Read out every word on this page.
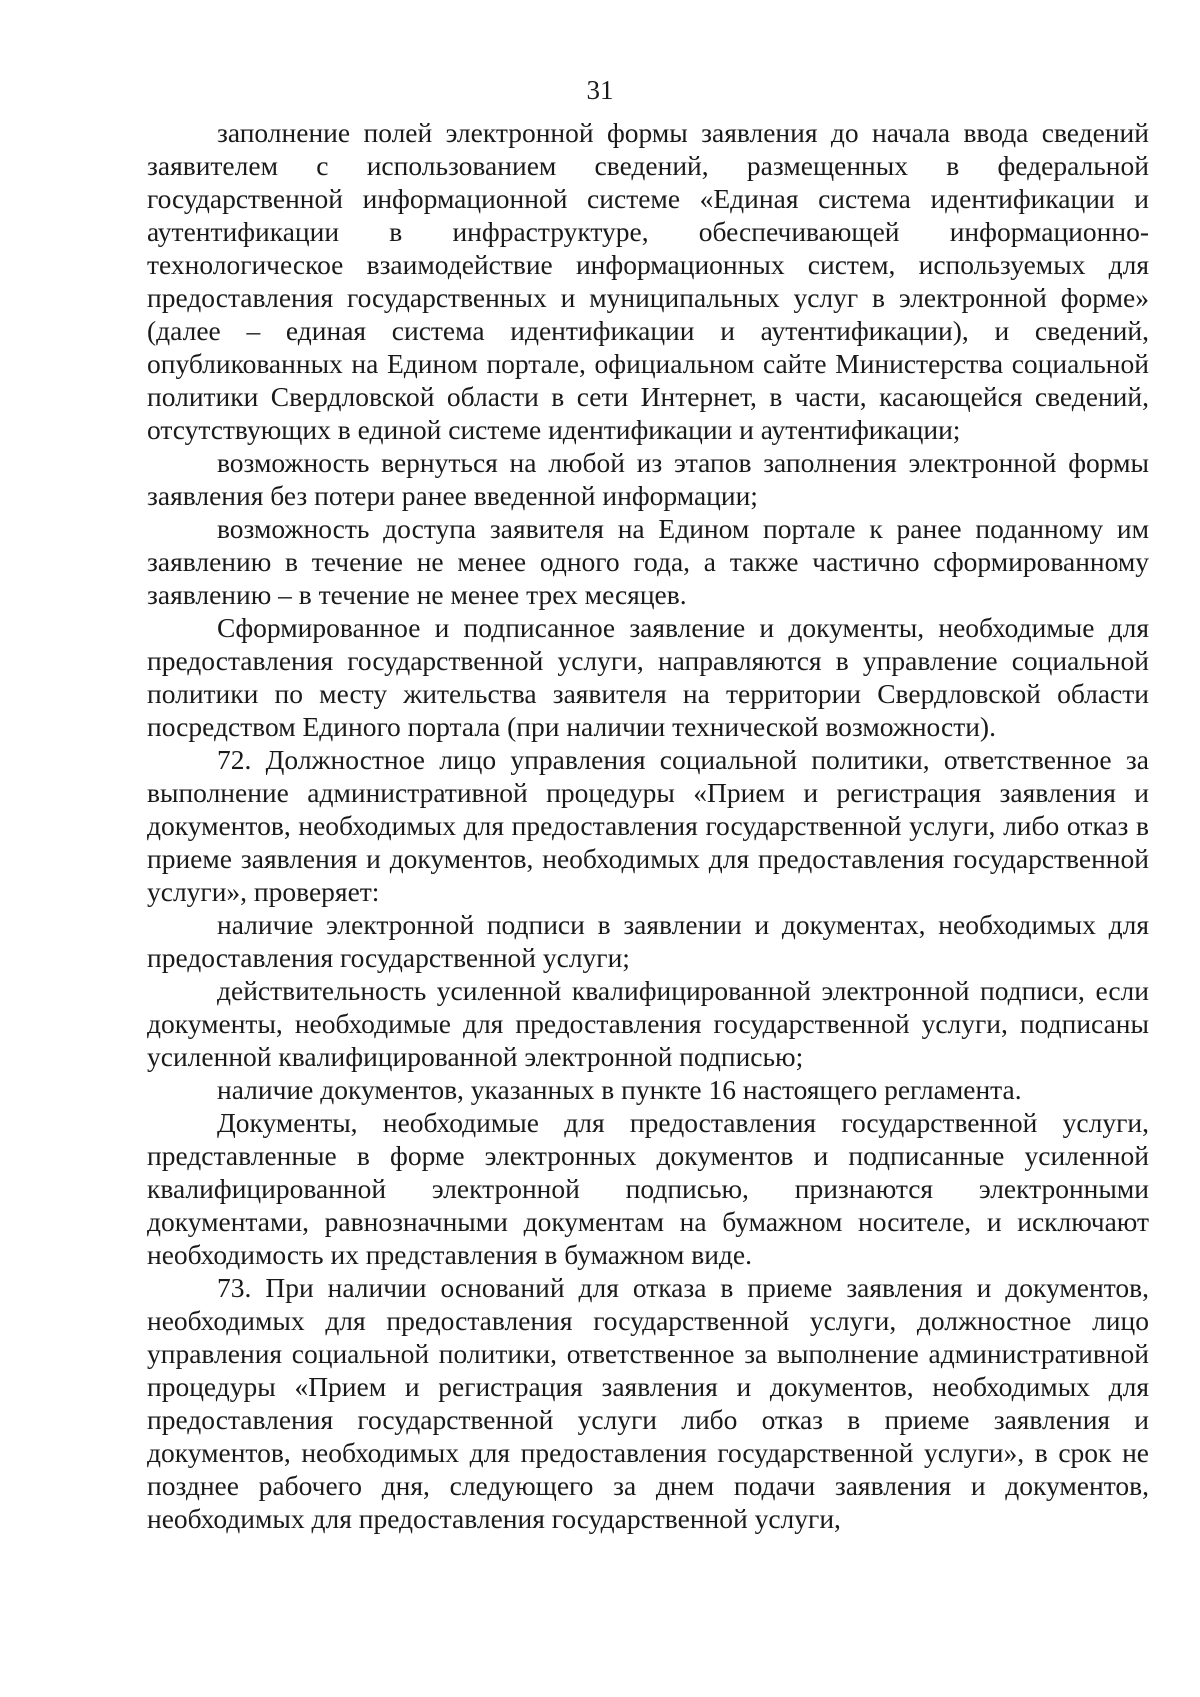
31

заполнение полей электронной формы заявления до начала ввода сведений заявителем с использованием сведений, размещенных в федеральной государственной информационной системе «Единая система идентификации и аутентификации в инфраструктуре, обеспечивающей информационно-технологическое взаимодействие информационных систем, используемых для предоставления государственных и муниципальных услуг в электронной форме» (далее – единая система идентификации и аутентификации), и сведений, опубликованных на Едином портале, официальном сайте Министерства социальной политики Свердловской области в сети Интернет, в части, касающейся сведений, отсутствующих в единой системе идентификации и аутентификации;

возможность вернуться на любой из этапов заполнения электронной формы заявления без потери ранее введенной информации;

возможность доступа заявителя на Едином портале к ранее поданному им заявлению в течение не менее одного года, а также частично сформированному заявлению – в течение не менее трех месяцев.

Сформированное и подписанное заявление и документы, необходимые для предоставления государственной услуги, направляются в управление социальной политики по месту жительства заявителя на территории Свердловской области посредством Единого портала (при наличии технической возможности).

72. Должностное лицо управления социальной политики, ответственное за выполнение административной процедуры «Прием и регистрация заявления и документов, необходимых для предоставления государственной услуги, либо отказ в приеме заявления и документов, необходимых для предоставления государственной услуги», проверяет:

наличие электронной подписи в заявлении и документах, необходимых для предоставления государственной услуги;

действительность усиленной квалифицированной электронной подписи, если документы, необходимые для предоставления государственной услуги, подписаны усиленной квалифицированной электронной подписью;

наличие документов, указанных в пункте 16 настоящего регламента.

Документы, необходимые для предоставления государственной услуги, представленные в форме электронных документов и подписанные усиленной квалифицированной электронной подписью, признаются электронными документами, равнозначными документам на бумажном носителе, и исключают необходимость их представления в бумажном виде.

73. При наличии оснований для отказа в приеме заявления и документов, необходимых для предоставления государственной услуги, должностное лицо управления социальной политики, ответственное за выполнение административной процедуры «Прием и регистрация заявления и документов, необходимых для предоставления государственной услуги либо отказ в приеме заявления и документов, необходимых для предоставления государственной услуги», в срок не позднее рабочего дня, следующего за днем подачи заявления и документов, необходимых для предоставления государственной услуги,
